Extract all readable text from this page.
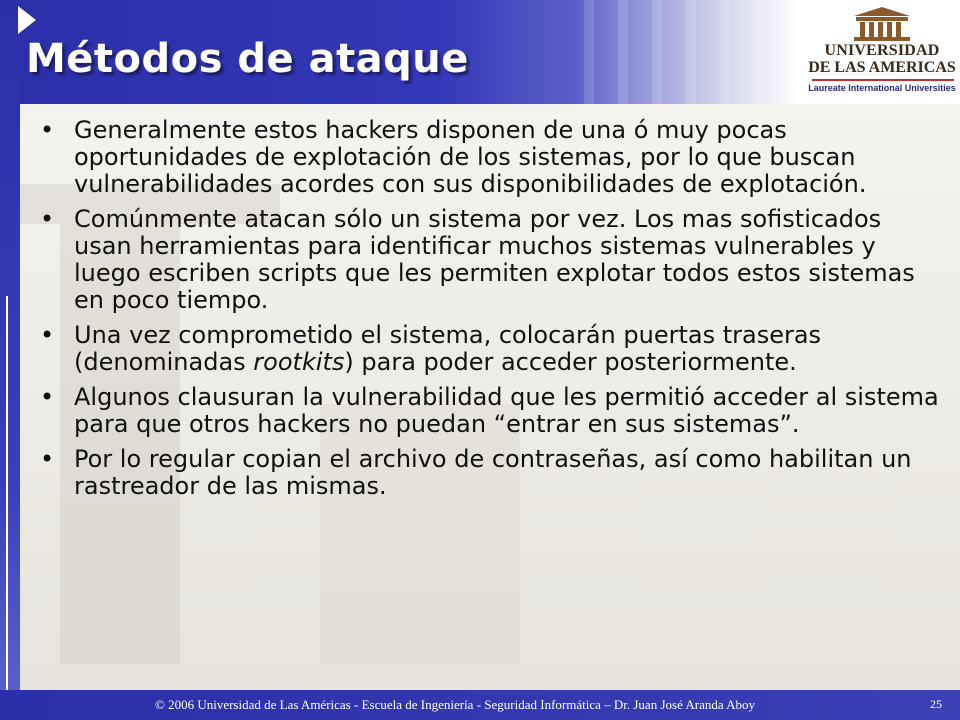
Métodos de ataque	UNIVERSIDAD
DE LAS AMERICAS
Laureate International Universities
• Generalmente estos hackers disponen de una ó muy pocas oportunidades de explotación de los sistemas, por lo que buscan vulnerabilidades acordes con sus disponibilidades de explotación.
• Comúnmente atacan sólo un sistema por vez. Los mas sofisticados usan herramientas para identificar muchos sistemas vulnerables y luego escriben scripts que les permiten explotar todos estos sistemas en poco tiempo.
• Una vez comprometido el sistema, colocarán puertas traseras (denominadas rootkits) para poder acceder posteriormente.
• Algunos clausuran la vulnerabilidad que les permitió acceder al sistema para que otros hackers no puedan “entrar en sus sistemas”.
• Por lo regular copian el archivo de contraseñas, así como habilitan un rastreador de las mismas.
© 2006 Universidad de Las Américas - Escuela de Ingeniería - Seguridad Informática – Dr. Juan José Aranda Aboy	25
